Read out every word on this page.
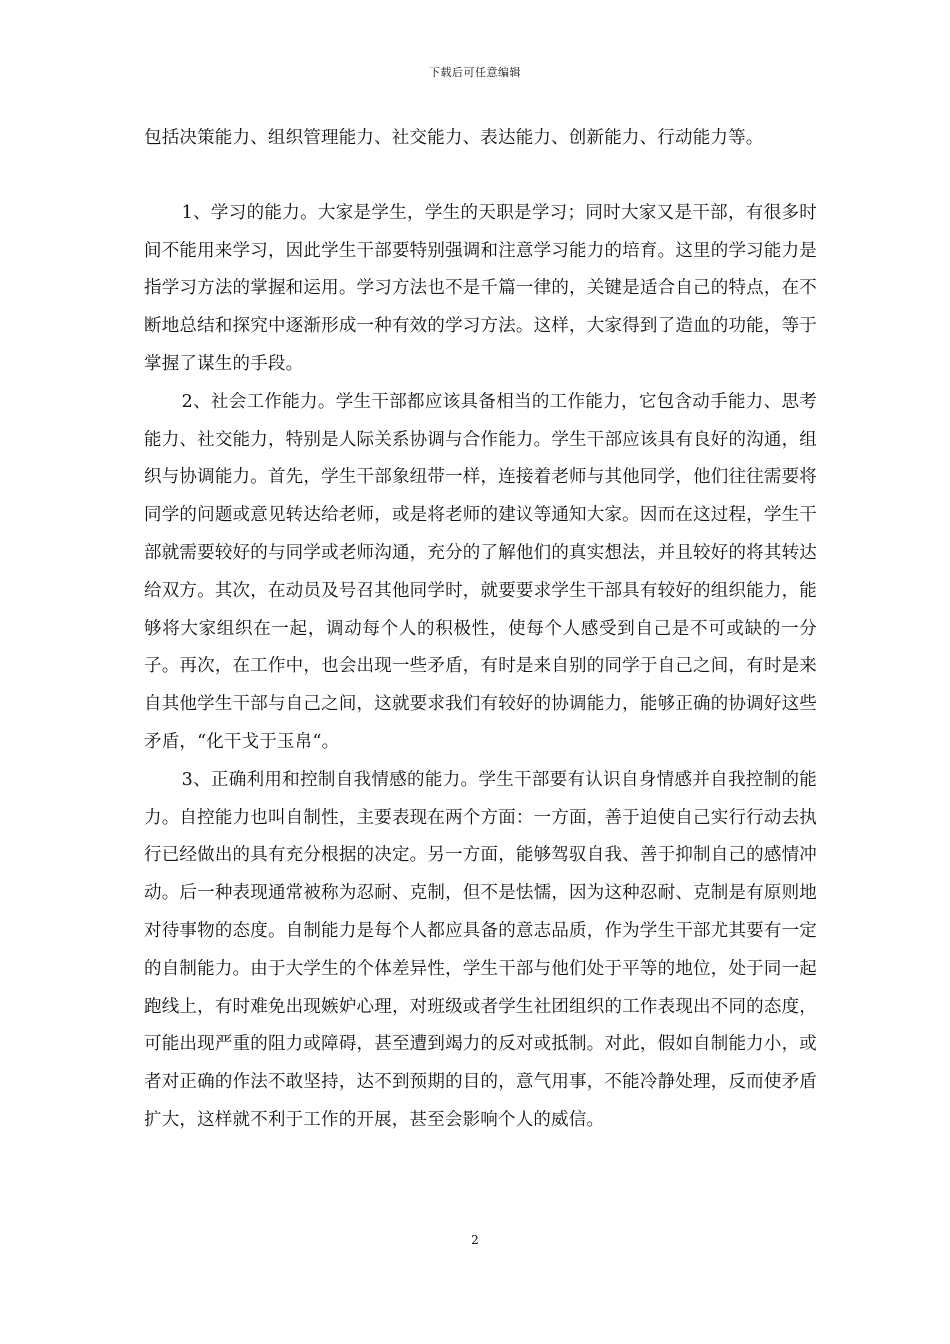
下载后可任意编辑

包括决策能力、组织管理能力、社交能力、表达能力、创新能力、行动能力等。

1、学习的能力。大家是学生，学生的天职是学习；同时大家又是干部，有很多时间不能用来学习，因此学生干部要特别强调和注意学习能力的培育。这里的学习能力是指学习方法的掌握和运用。学习方法也不是千篇一律的，关键是适合自己的特点，在不断地总结和探究中逐渐形成一种有效的学习方法。这样，大家得到了造血的功能，等于掌握了谋生的手段。

2、社会工作能力。学生干部都应该具备相当的工作能力，它包含动手能力、思考能力、社交能力，特别是人际关系协调与合作能力。学生干部应该具有良好的沟通，组织与协调能力。首先，学生干部象纽带一样，连接着老师与其他同学，他们往往需要将同学的问题或意见转达给老师，或是将老师的建议等通知大家。因而在这过程，学生干部就需要较好的与同学或老师沟通，充分的了解他们的真实想法，并且较好的将其转达给双方。其次，在动员及号召其他同学时，就要要求学生干部具有较好的组织能力，能够将大家组织在一起，调动每个人的积极性，使每个人感受到自己是不可或缺的一分子。再次，在工作中，也会出现一些矛盾，有时是来自别的同学于自己之间，有时是来自其他学生干部与自己之间，这就要求我们有较好的协调能力，能够正确的协调好这些矛盾，“化干戈于玉帛“。

3、正确利用和控制自我情感的能力。学生干部要有认识自身情感并自我控制的能力。自控能力也叫自制性，主要表现在两个方面：一方面，善于迫使自己实行行动去执行已经做出的具有充分根据的决定。另一方面，能够驾驭自我、善于抑制自己的感情冲动。后一种表现通常被称为忍耐、克制，但不是怯懦，因为这种忍耐、克制是有原则地对待事物的态度。自制能力是每个人都应具备的意志品质，作为学生干部尤其要有一定的自制能力。由于大学生的个体差异性，学生干部与他们处于平等的地位，处于同一起跑线上，有时难免出现嫉妒心理，对班级或者学生社团组织的工作表现出不同的态度，可能出现严重的阻力或障碍，甚至遭到竭力的反对或抵制。对此，假如自制能力小，或者对正确的作法不敢坚持，达不到预期的目的，意气用事，不能冷静处理，反而使矛盾扩大，这样就不利于工作的开展，甚至会影响个人的威信。

2
